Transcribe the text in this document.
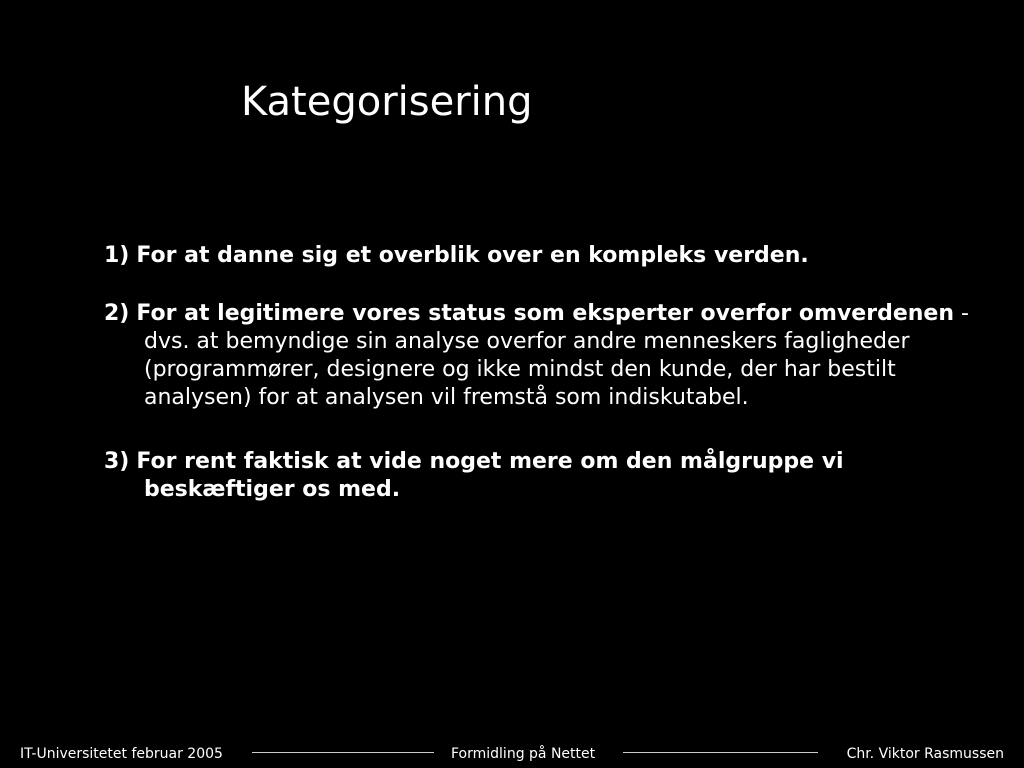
Kategorisering
1) For at danne sig et overblik over en kompleks verden.
2) For at legitimere vores status som eksperter overfor omverdenen - dvs. at bemyndige sin analyse overfor andre menneskers fagligheder (programmører, designere og ikke mindst den kunde, der har bestilt analysen) for at analysen vil fremstå som indiskutabel.
3) For rent faktisk at vide noget mere om den målgruppe vi beskæftiger os med.
IT-Universitetet februar 2005	Formidling på Nettet	Chr. Viktor Rasmussen
